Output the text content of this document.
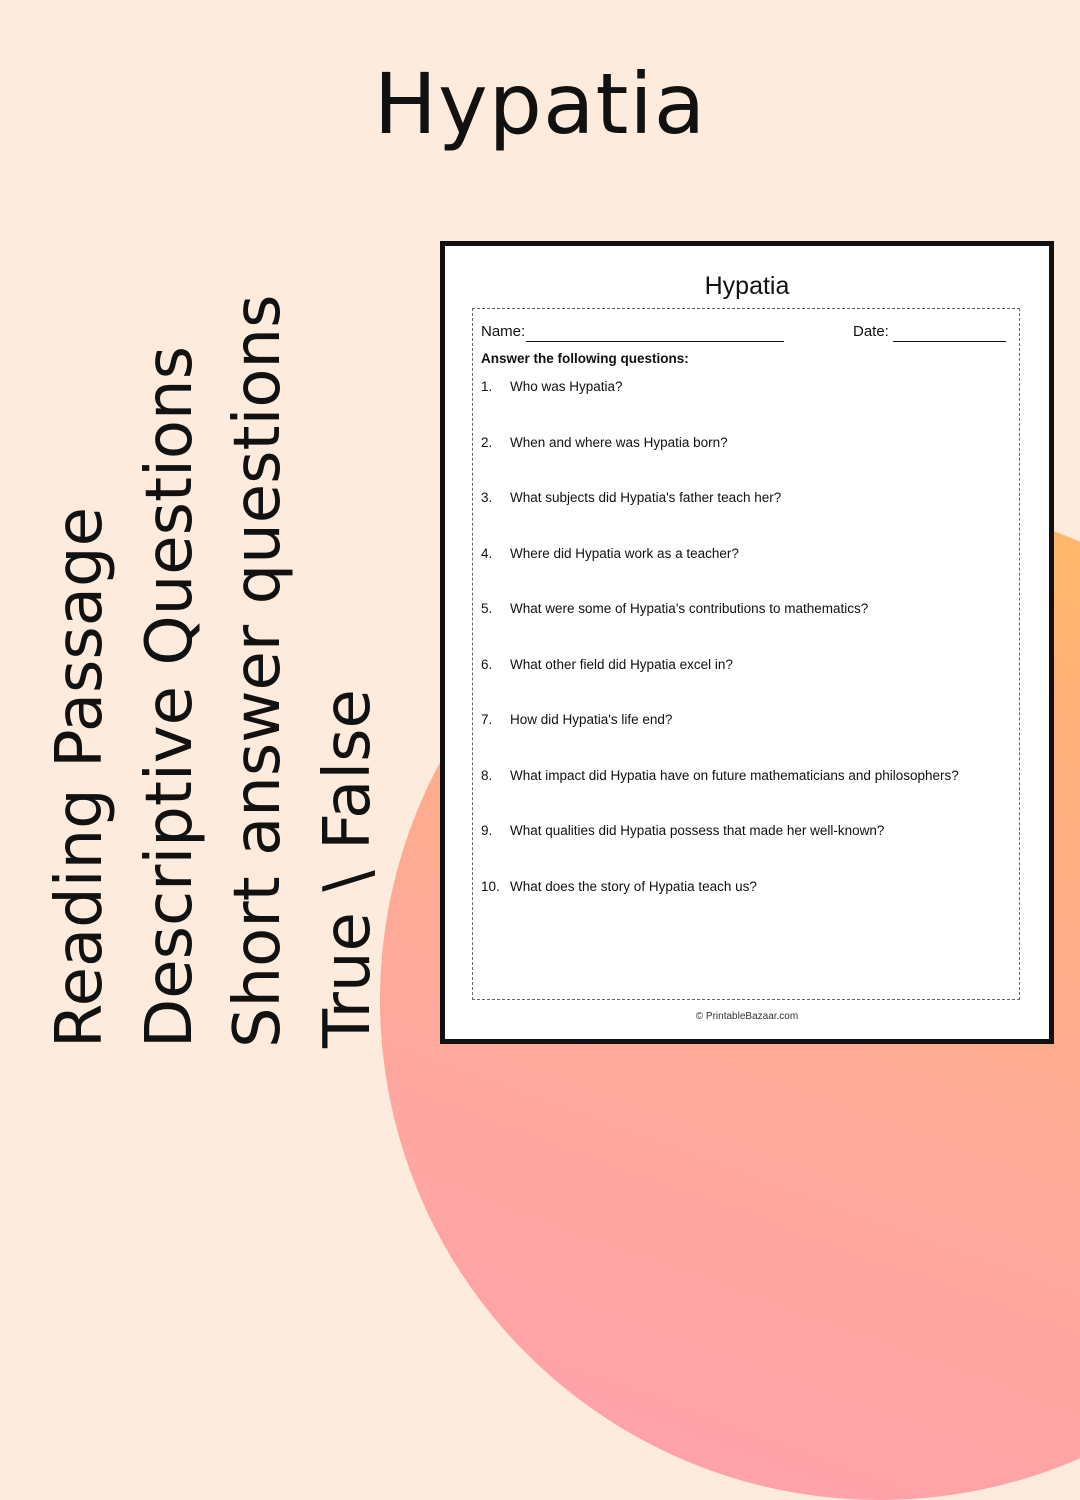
Hypatia
Reading Passage Descriptive Questions Short answer questions True \ False
Hypatia
Name:	Date:
Answer the following questions:
1. Who was Hypatia?
2. When and where was Hypatia born?
3. What subjects did Hypatia's father teach her?
4. Where did Hypatia work as a teacher?
5. What were some of Hypatia's contributions to mathematics?
6. What other field did Hypatia excel in?
7. How did Hypatia's life end?
8. What impact did Hypatia have on future mathematicians and philosophers?
9. What qualities did Hypatia possess that made her well-known?
10. What does the story of Hypatia teach us?
© PrintableBazaar.com
